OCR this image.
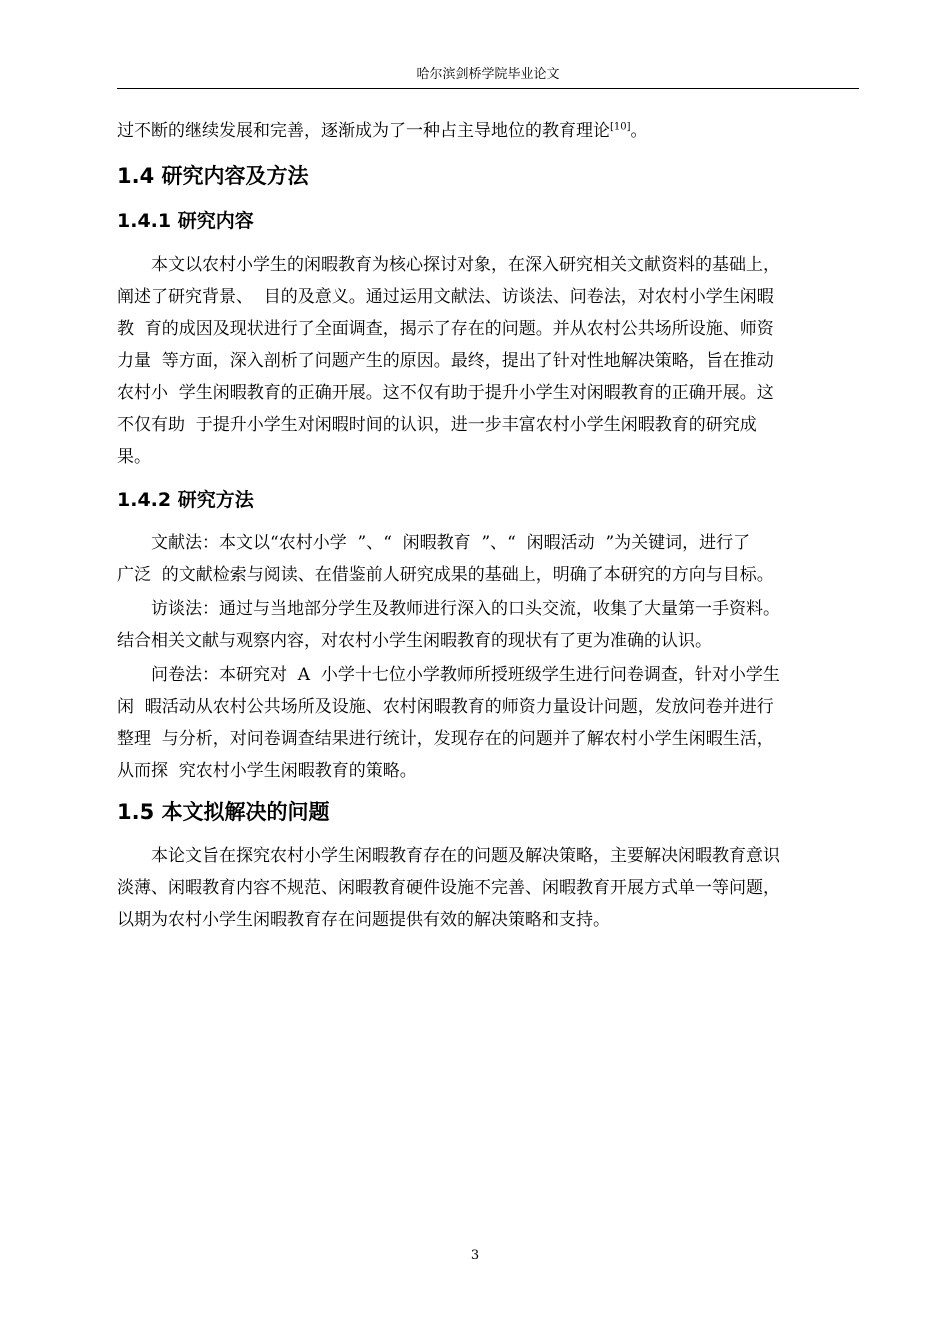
哈尔滨剑桥学院毕业论文

过不断的继续发展和完善，逐渐成为了一种占主导地位的教育理论[10]。

1.4 研究内容及方法
1.4.1 研究内容

本文以农村小学生的闲暇教育为核心探讨对象，在深入研究相关文献资料的基础上，
阐述了研究背景、  目的及意义。通过运用文献法、访谈法、问卷法，对农村小学生闲暇
教  育的成因及现状进行了全面调查，揭示了存在的问题。并从农村公共场所设施、师资
力量  等方面，深入剖析了问题产生的原因。最终，提出了针对性地解决策略，旨在推动
农村小  学生闲暇教育的正确开展。这不仅有助于提升小学生对闲暇教育的正确开展。这
不仅有助  于提升小学生对闲暇时间的认识，进一步丰富农村小学生闲暇教育的研究成
果。

1.4.2 研究方法

文献法：本文以“农村小学  ”、“  闲暇教育  ”、“  闲暇活动  ”为关键词，进行了
广泛  的文献检索与阅读、在借鉴前人研究成果的基础上，明确了本研究的方向与目标。

访谈法：通过与当地部分学生及教师进行深入的口头交流，收集了大量第一手资料。
结合相关文献与观察内容，对农村小学生闲暇教育的现状有了更为准确的认识。

问卷法：本研究对  A  小学十七位小学教师所授班级学生进行问卷调查，针对小学生
闲  暇活动从农村公共场所及设施、农村闲暇教育的师资力量设计问题，发放问卷并进行
整理  与分析，对问卷调查结果进行统计，发现存在的问题并了解农村小学生闲暇生活，
从而探  究农村小学生闲暇教育的策略。

1.5 本文拟解决的问题

本论文旨在探究农村小学生闲暇教育存在的问题及解决策略，主要解决闲暇教育意识
淡薄、闲暇教育内容不规范、闲暇教育硬件设施不完善、闲暇教育开展方式单一等问题，
以期为农村小学生闲暇教育存在问题提供有效的解决策略和支持。

3
